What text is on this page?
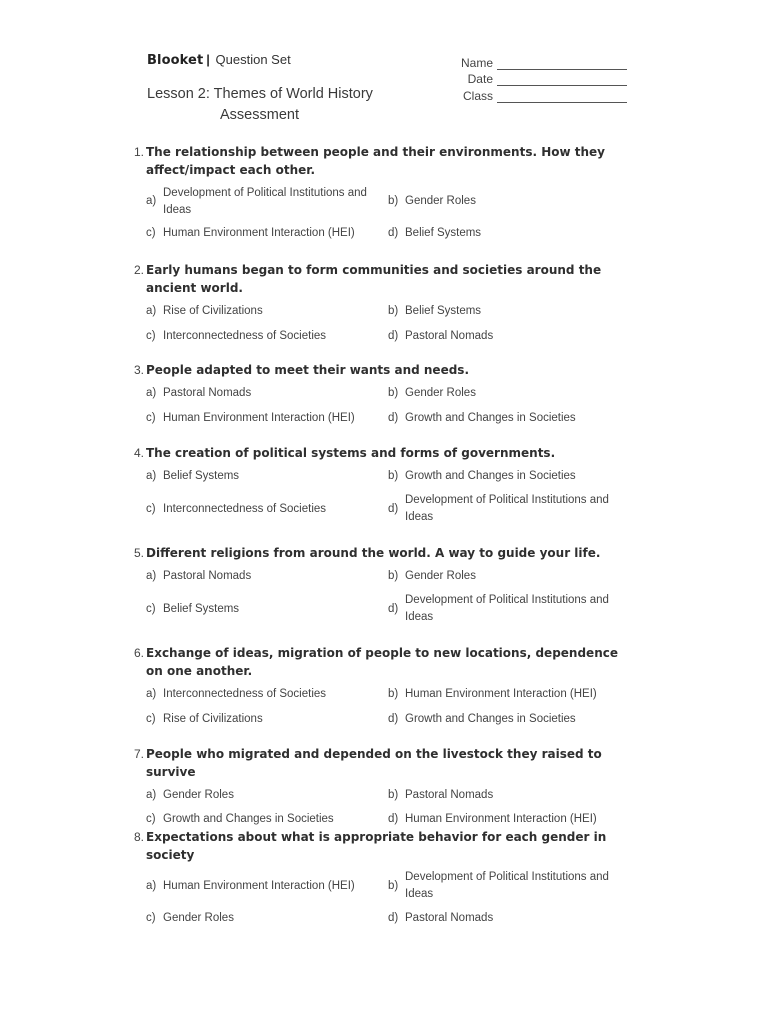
Blooket | Question Set
Lesson 2: Themes of World History
Assessment
Name
Date
Class
1. The relationship between people and their environments. How they affect/impact each other.
a)
Development of Political Institutions and Ideas
b) Gender Roles
c) Human Environment Interaction (HEI)	d) Belief Systems
2. Early humans began to form communities and societies around the ancient world.
a) Rise of Civilizations	b) Belief Systems
c) Interconnectedness of Societies	d) Pastoral Nomads
3. People adapted to meet their wants and needs.
a) Pastoral Nomads	b) Gender Roles
c) Human Environment Interaction (HEI)	d) Growth and Changes in Societies
4. The creation of political systems and forms of governments.
a) Belief Systems	b) Growth and Changes in Societies
c) Interconnectedness of Societies	d)
Development of Political Institutions and Ideas
5. Different religions from around the world. A way to guide your life.
a) Pastoral Nomads	b) Gender Roles
c) Belief Systems	d)
Development of Political Institutions and Ideas
6. Exchange of ideas, migration of people to new locations, dependence on one another.
a) Interconnectedness of Societies	b) Human Environment Interaction (HEI)
c) Rise of Civilizations	d) Growth and Changes in Societies
7. People who migrated and depended on the livestock they raised to survive
a) Gender Roles	b) Pastoral Nomads
c) Growth and Changes in Societies	d) Human Environment Interaction (HEI)
8. Expectations about what is appropriate behavior for each gender in society
a) Human Environment Interaction (HEI)	b)
Development of Political Institutions and Ideas
c) Gender Roles	d) Pastoral Nomads
